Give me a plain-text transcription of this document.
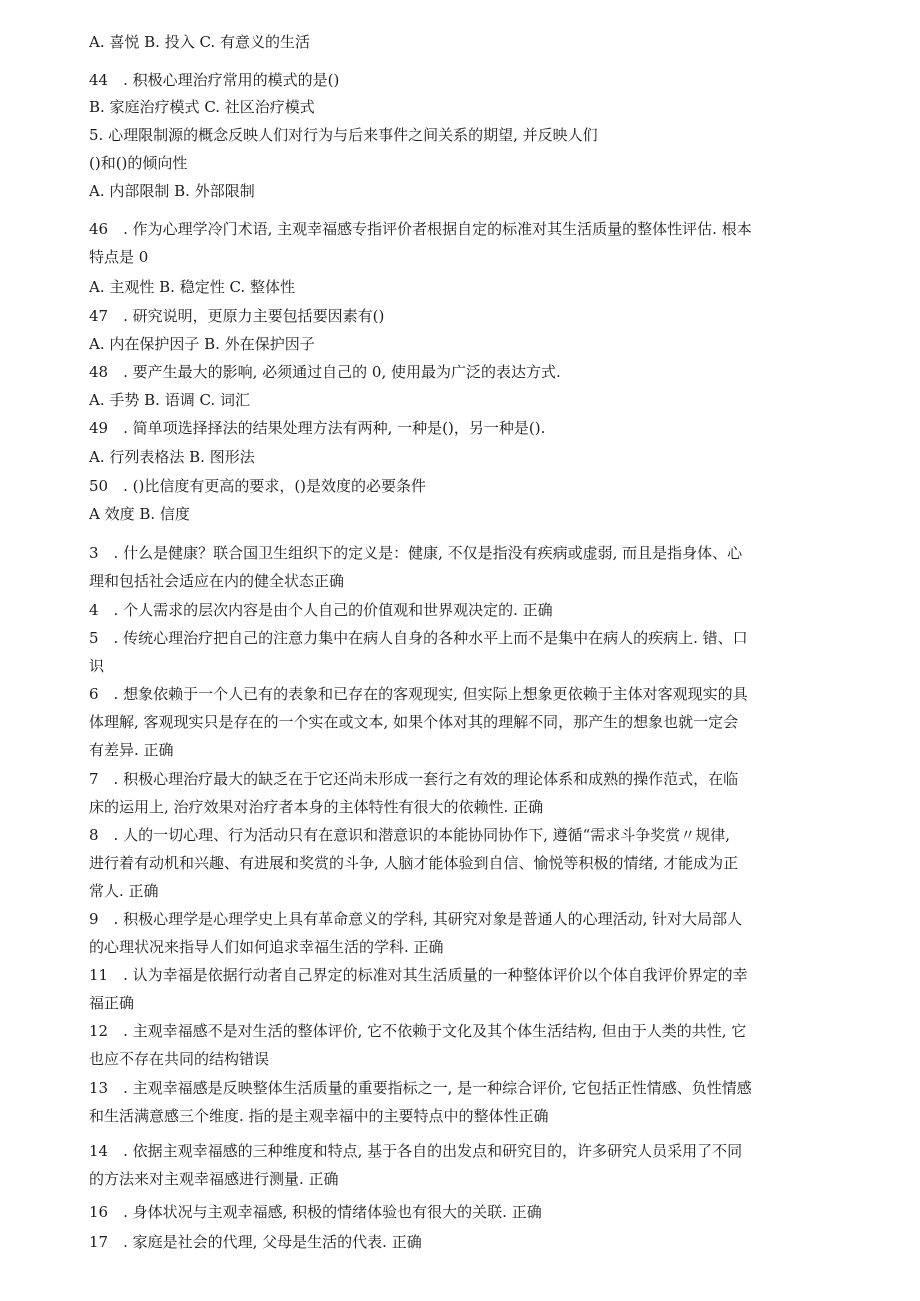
A. 喜悦 B. 投入 C. 有意义的生活
44　. 积极心理治疗常用的模式的是()
B. 家庭治疗模式 C. 社区治疗模式
5. 心理限制源的概念反映人们对行为与后来事件之间关系的期望, 并反映人们
()和()的倾向性
A. 内部限制 B. 外部限制
46　. 作为心理学冷门术语, 主观幸福感专指评价者根据自定的标准对其生活质量的整体性评估. 根本
特点是 0
A. 主观性 B. 稳定性 C. 整体性
47　. 研究说明，更原力主要包括要因素有()
A. 内在保护因子 B. 外在保护因子
48　. 要产生最大的影响, 必须通过自己的 0, 使用最为广泛的表达方式.
A. 手势 B. 语调 C. 词汇
49　. 简单项选择择法的结果处理方法有两种, 一种是()，另一种是().
A. 行列表格法 B. 图形法
50　. ()比信度有更高的要求，()是效度的必要条件
A 效度 B. 信度
3　. 什么是健康？联合国卫生组织下的定义是：健康, 不仅是指没有疾病或虚弱, 而且是指身体、心
理和包括社会适应在内的健全状态正确
4　. 个人需求的层次内容是由个人自己的价值观和世界观决定的. 正确
5　. 传统心理治疗把自己的注意力集中在病人自身的各种水平上而不是集中在病人的疾病上. 错、口
识
6　. 想象依赖于一个人已有的表象和已存在的客观现实, 但实际上想象更依赖于主体对客观现实的具
体理解, 客观现实只是存在的一个实在或文本, 如果个体对其的理解不同，那产生的想象也就一定会
有差异. 正确
7　. 积极心理治疗最大的缺乏在于它还尚未形成一套行之有效的理论体系和成熟的操作范式，在临
床的运用上, 治疗效果对治疗者本身的主体特性有很大的依赖性. 正确
8　. 人的一切心理、行为活动只有在意识和潜意识的本能协同协作下, 遵循“需求斗争奖赏〃规律,
进行着有动机和兴趣、有进展和奖赏的斗争, 人脑才能体验到自信、愉悦等积极的情绪, 才能成为正
常人. 正确
9　. 积极心理学是心理学史上具有革命意义的学科, 其研究对象是普通人的心理活动, 针对大局部人
的心理状况来指导人们如何追求幸福生活的学科. 正确
11　. 认为幸福是依据行动者自己界定的标准对其生活质量的一种整体评价以个体自我评价界定的幸
福正确
12　. 主观幸福感不是对生活的整体评价, 它不依赖于文化及其个体生活结构, 但由于人类的共性, 它
也应不存在共同的结构错误
13　. 主观幸福感是反映整体生活质量的重要指标之一, 是一种综合评价, 它包括正性情感、负性情感
和生活满意感三个维度. 指的是主观幸福中的主要特点中的整体性正确
14　. 依据主观幸福感的三种维度和特点, 基于各自的出发点和研究目的，许多研究人员采用了不同
的方法来对主观幸福感进行测量. 正确
16　. 身体状况与主观幸福感, 积极的情绪体验也有很大的关联. 正确
17　. 家庭是社会的代理, 父母是生活的代表. 正确
